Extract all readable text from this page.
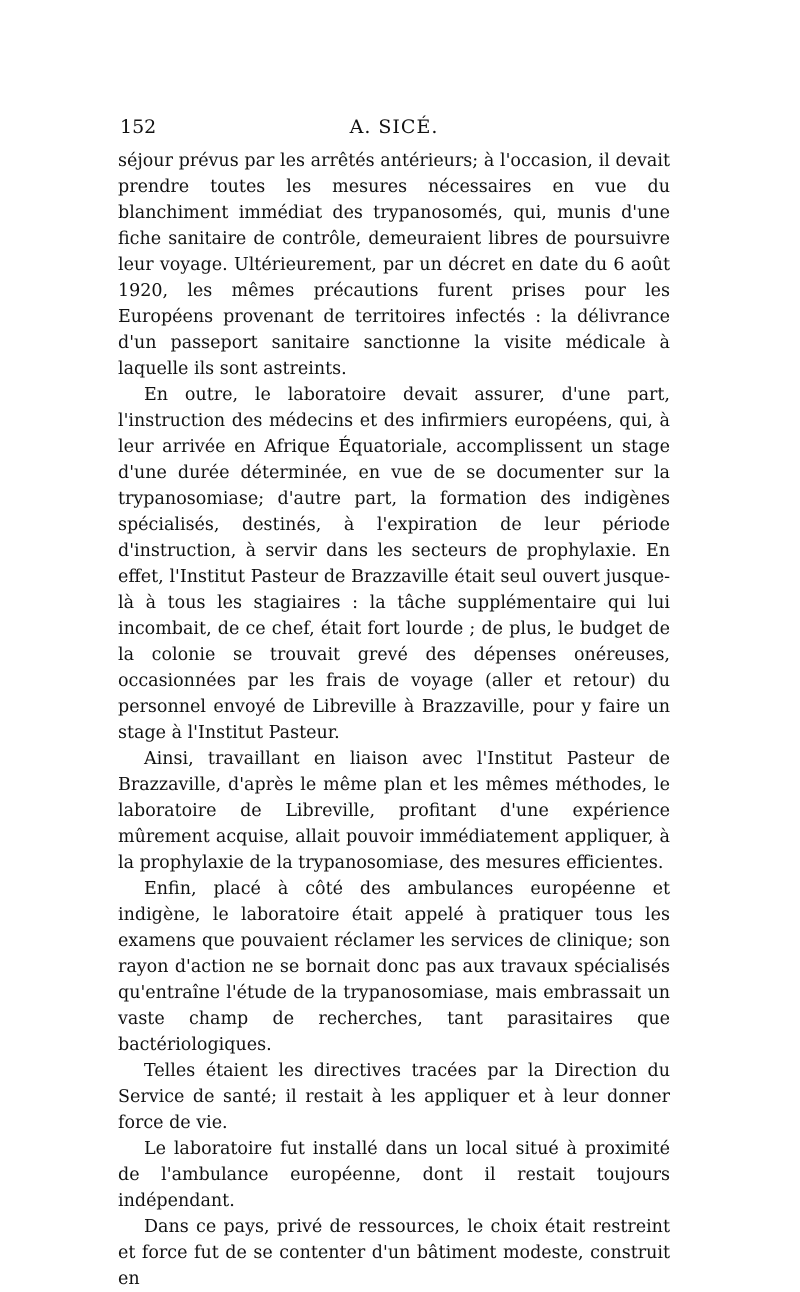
152	A. SICÉ.

séjour prévus par les arrêtés antérieurs; à l'occasion, il devait prendre toutes les mesures nécessaires en vue du blanchiment immédiat des trypanosomés, qui, munis d'une fiche sanitaire de contrôle, demeuraient libres de poursuivre leur voyage. Ultérieurement, par un décret en date du 6 août 1920, les mêmes précautions furent prises pour les Européens provenant de territoires infectés : la délivrance d'un passeport sanitaire sanctionne la visite médicale à laquelle ils sont astreints.

En outre, le laboratoire devait assurer, d'une part, l'instruction des médecins et des infirmiers européens, qui, à leur arrivée en Afrique Équatoriale, accomplissent un stage d'une durée déterminée, en vue de se documenter sur la trypanosomiase; d'autre part, la formation des indigènes spécialisés, destinés, à l'expiration de leur période d'instruction, à servir dans les secteurs de prophylaxie. En effet, l'Institut Pasteur de Brazzaville était seul ouvert jusque-là à tous les stagiaires : la tâche supplémentaire qui lui incombait, de ce chef, était fort lourde ; de plus, le budget de la colonie se trouvait grevé des dépenses onéreuses, occasionnées par les frais de voyage (aller et retour) du personnel envoyé de Libreville à Brazzaville, pour y faire un stage à l'Institut Pasteur.

Ainsi, travaillant en liaison avec l'Institut Pasteur de Brazzaville, d'après le même plan et les mêmes méthodes, le laboratoire de Libreville, profitant d'une expérience mûrement acquise, allait pouvoir immédiatement appliquer, à la prophylaxie de la trypanosomiase, des mesures efficientes.

Enfin, placé à côté des ambulances européenne et indigène, le laboratoire était appelé à pratiquer tous les examens que pouvaient réclamer les services de clinique; son rayon d'action ne se bornait donc pas aux travaux spécialisés qu'entraîne l'étude de la trypanosomiase, mais embrassait un vaste champ de recherches, tant parasitaires que bactériologiques.

Telles étaient les directives tracées par la Direction du Service de santé; il restait à les appliquer et à leur donner force de vie.

Le laboratoire fut installé dans un local situé à proximité de l'ambulance européenne, dont il restait toujours indépendant.

Dans ce pays, privé de ressources, le choix était restreint et force fut de se contenter d'un bâtiment modeste, construit en
